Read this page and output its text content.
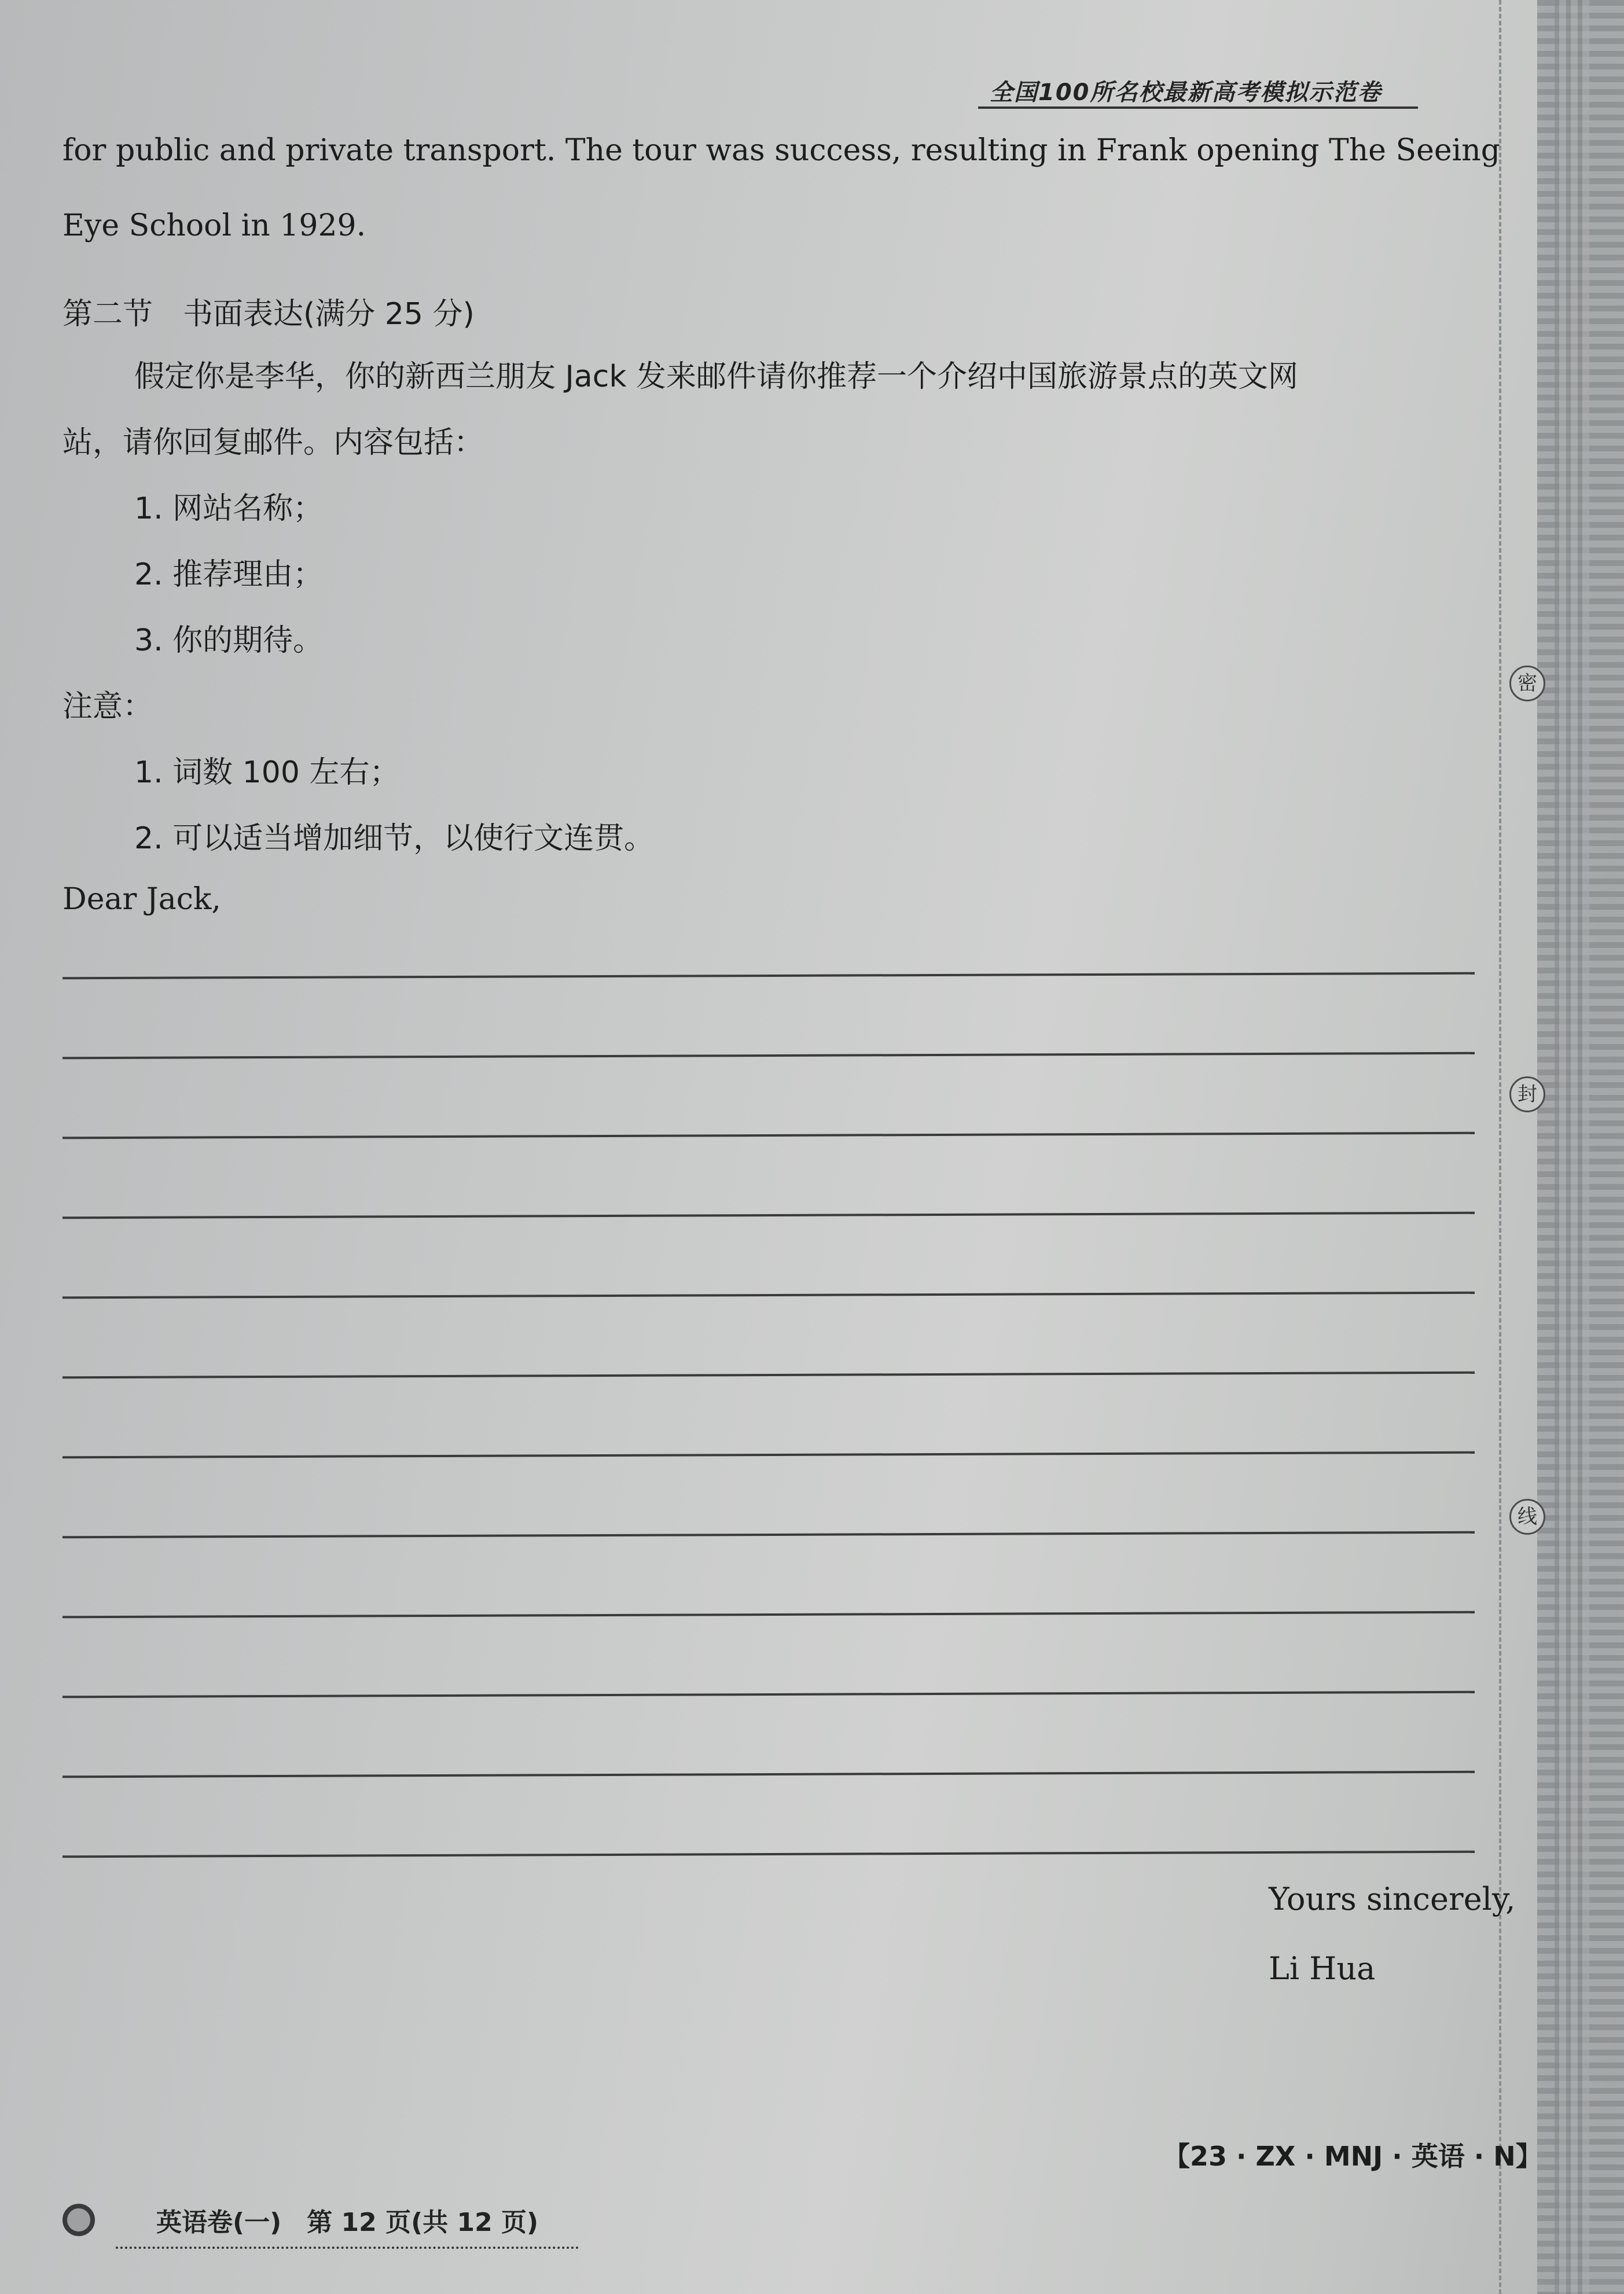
密
封
线
全国100所名校最新高考模拟示范卷
for public and private transport. The tour was success, resulting in Frank opening The Seeing
Eye School in 1929.
第二节　书面表达(满分 25 分)
假定你是李华，你的新西兰朋友 Jack 发来邮件请你推荐一个介绍中国旅游景点的英文网
站，请你回复邮件。内容包括：
1. 网站名称；
2. 推荐理由；
3. 你的期待。
注意：
1. 词数 100 左右；
2. 可以适当增加细节，以使行文连贯。
Dear Jack,
Yours sincerely,
Li Hua
【23 · ZX · MNJ · 英语 · N】
英语卷(一)　第 12 页(共 12 页)
